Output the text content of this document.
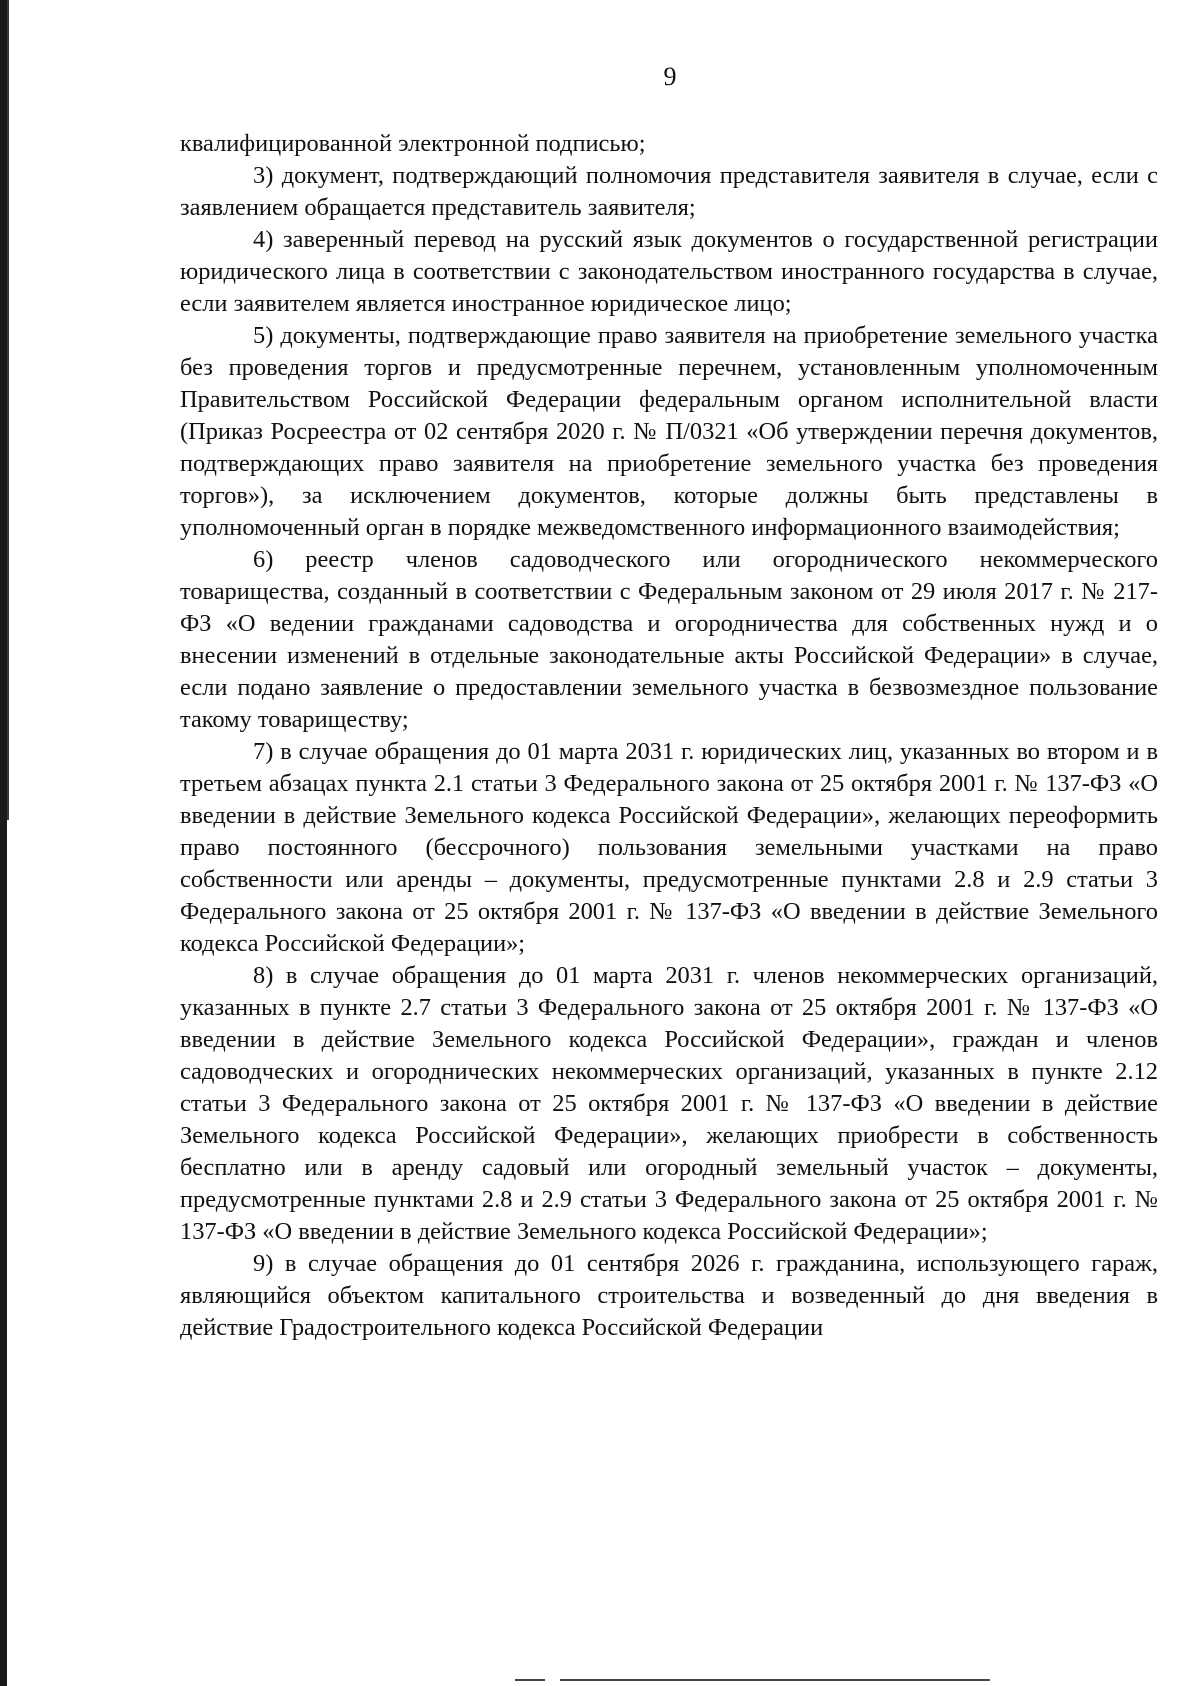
9

квалифицированной электронной подписью;

3) документ, подтверждающий полномочия представителя заявителя в случае, если с заявлением обращается представитель заявителя;

4) заверенный перевод на русский язык документов о государственной регистрации юридического лица в соответствии с законодательством иностранного государства в случае, если заявителем является иностранное юридическое лицо;

5) документы, подтверждающие право заявителя на приобретение земельного участка без проведения торгов и предусмотренные перечнем, установленным уполномоченным Правительством Российской Федерации федеральным органом исполнительной власти (Приказ Росреестра от 02 сентября 2020 г. № П/0321 «Об утверждении перечня документов, подтверждающих право заявителя на приобретение земельного участка без проведения торгов»), за исключением документов, которые должны быть представлены в уполномоченный орган в порядке межведомственного информационного взаимодействия;

6) реестр членов садоводческого или огороднического некоммерческого товарищества, созданный в соответствии с Федеральным законом от 29 июля 2017 г. № 217-ФЗ «О ведении гражданами садоводства и огородничества для собственных нужд и о внесении изменений в отдельные законодательные акты Российской Федерации» в случае, если подано заявление о предоставлении земельного участка в безвозмездное пользование такому товариществу;

7) в случае обращения до 01 марта 2031 г. юридических лиц, указанных во втором и в третьем абзацах пункта 2.1 статьи 3 Федерального закона от 25 октября 2001 г. № 137-ФЗ «О введении в действие Земельного кодекса Российской Федерации», желающих переоформить право постоянного (бессрочного) пользования земельными участками на право собственности или аренды – документы, предусмотренные пунктами 2.8 и 2.9 статьи 3 Федерального закона от 25 октября 2001 г. № 137-ФЗ «О введении в действие Земельного кодекса Российской Федерации»;

8) в случае обращения до 01 марта 2031 г. членов некоммерческих организаций, указанных в пункте 2.7 статьи 3 Федерального закона от 25 октября 2001 г. № 137-ФЗ «О введении в действие Земельного кодекса Российской Федерации», граждан и членов садоводческих и огороднических некоммерческих организаций, указанных в пункте 2.12 статьи 3 Федерального закона от 25 октября 2001 г. № 137-ФЗ «О введении в действие Земельного кодекса Российской Федерации», желающих приобрести в собственность бесплатно или в аренду садовый или огородный земельный участок – документы, предусмотренные пунктами 2.8 и 2.9 статьи 3 Федерального закона от 25 октября 2001 г. № 137-ФЗ «О введении в действие Земельного кодекса Российской Федерации»;

9) в случае обращения до 01 сентября 2026 г. гражданина, использующего гараж, являющийся объектом капитального строительства и возведенный до дня введения в действие Градостроительного кодекса Российской Федерации
